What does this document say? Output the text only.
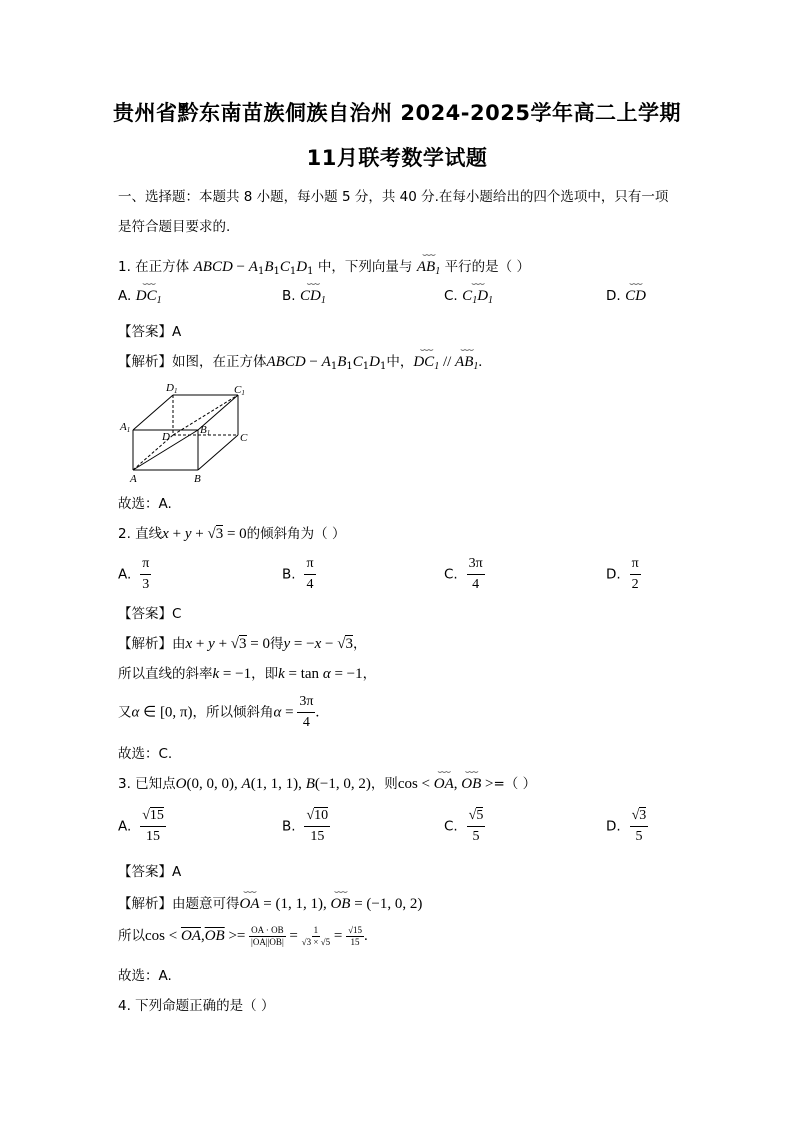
贵州省黔东南苗族侗族自治州 2024-2025学年高二上学期
11月联考数学试题
一、选择题：本题共 8 小题，每小题 5 分，共 40 分.在每小题给出的四个选项中，只有一项
是符合题目要求的.
1. 在正方体 ABCD − $A_1B_1C_1D_1$ 中，下列向量与 ⌣⌣⌣ $AB_1$ 平行的是（ ）
A. ⌣⌣⌣ $DC_1$	B. ⌣⌣⌣ $CD_1$	C. ⌣⌣⌣ $C_1D_1$	D. ⌣⌣⌣ CD
【答案】A
【解析】如图，在正方体ABCD − $A_1B_1C_1D_1$中，⌣⌣⌣ $DC_1$ // ⌣⌣⌣ $AB_1$.
D1	C1
A1	B1
D	C
A	B
故选：A.
2. 直线x + y + √3 = 0的倾斜角为（ ）
A. $\frac{\pi}{3}$	B. $\frac{\pi}{4}$	C. $\frac{3\pi}{4}$	D. $\frac{\pi}{2}$
【答案】C
【解析】由x + y + √3 = 0得y = −x − √3，
所以直线的斜率k = −1，即k = tan α = −1，
又α ∈ [0, π)，所以倾斜角$\alpha = \frac{3\pi}{4}$ .
故选：C.
3. 已知点O(0, 0, 0), A(1, 1, 1), B(−1, 0, 2)，则cos < ⌣⌣⌣ OA, ⌣⌣⌣ OB >=（ ）
A. $\frac{√15}{15}$	B. $\frac{√10}{15}$	C. $\frac{√5}{5}$	D. $\frac{√3}{5}$
【答案】A
【解析】由题意可得⌣⌣⌣ OA = (1, 1, 1), ⌣⌣⌣ OB = (−1, 0, 2)
所以$\cos < \overline{OA},\overline{OB} >= \frac{OA \cdot OB}{|OA||OB|} = \frac{1}{√3 \times √5} = \frac{√15}{15}$ .
故选：A.
4. 下列命题正确的是（ ）
